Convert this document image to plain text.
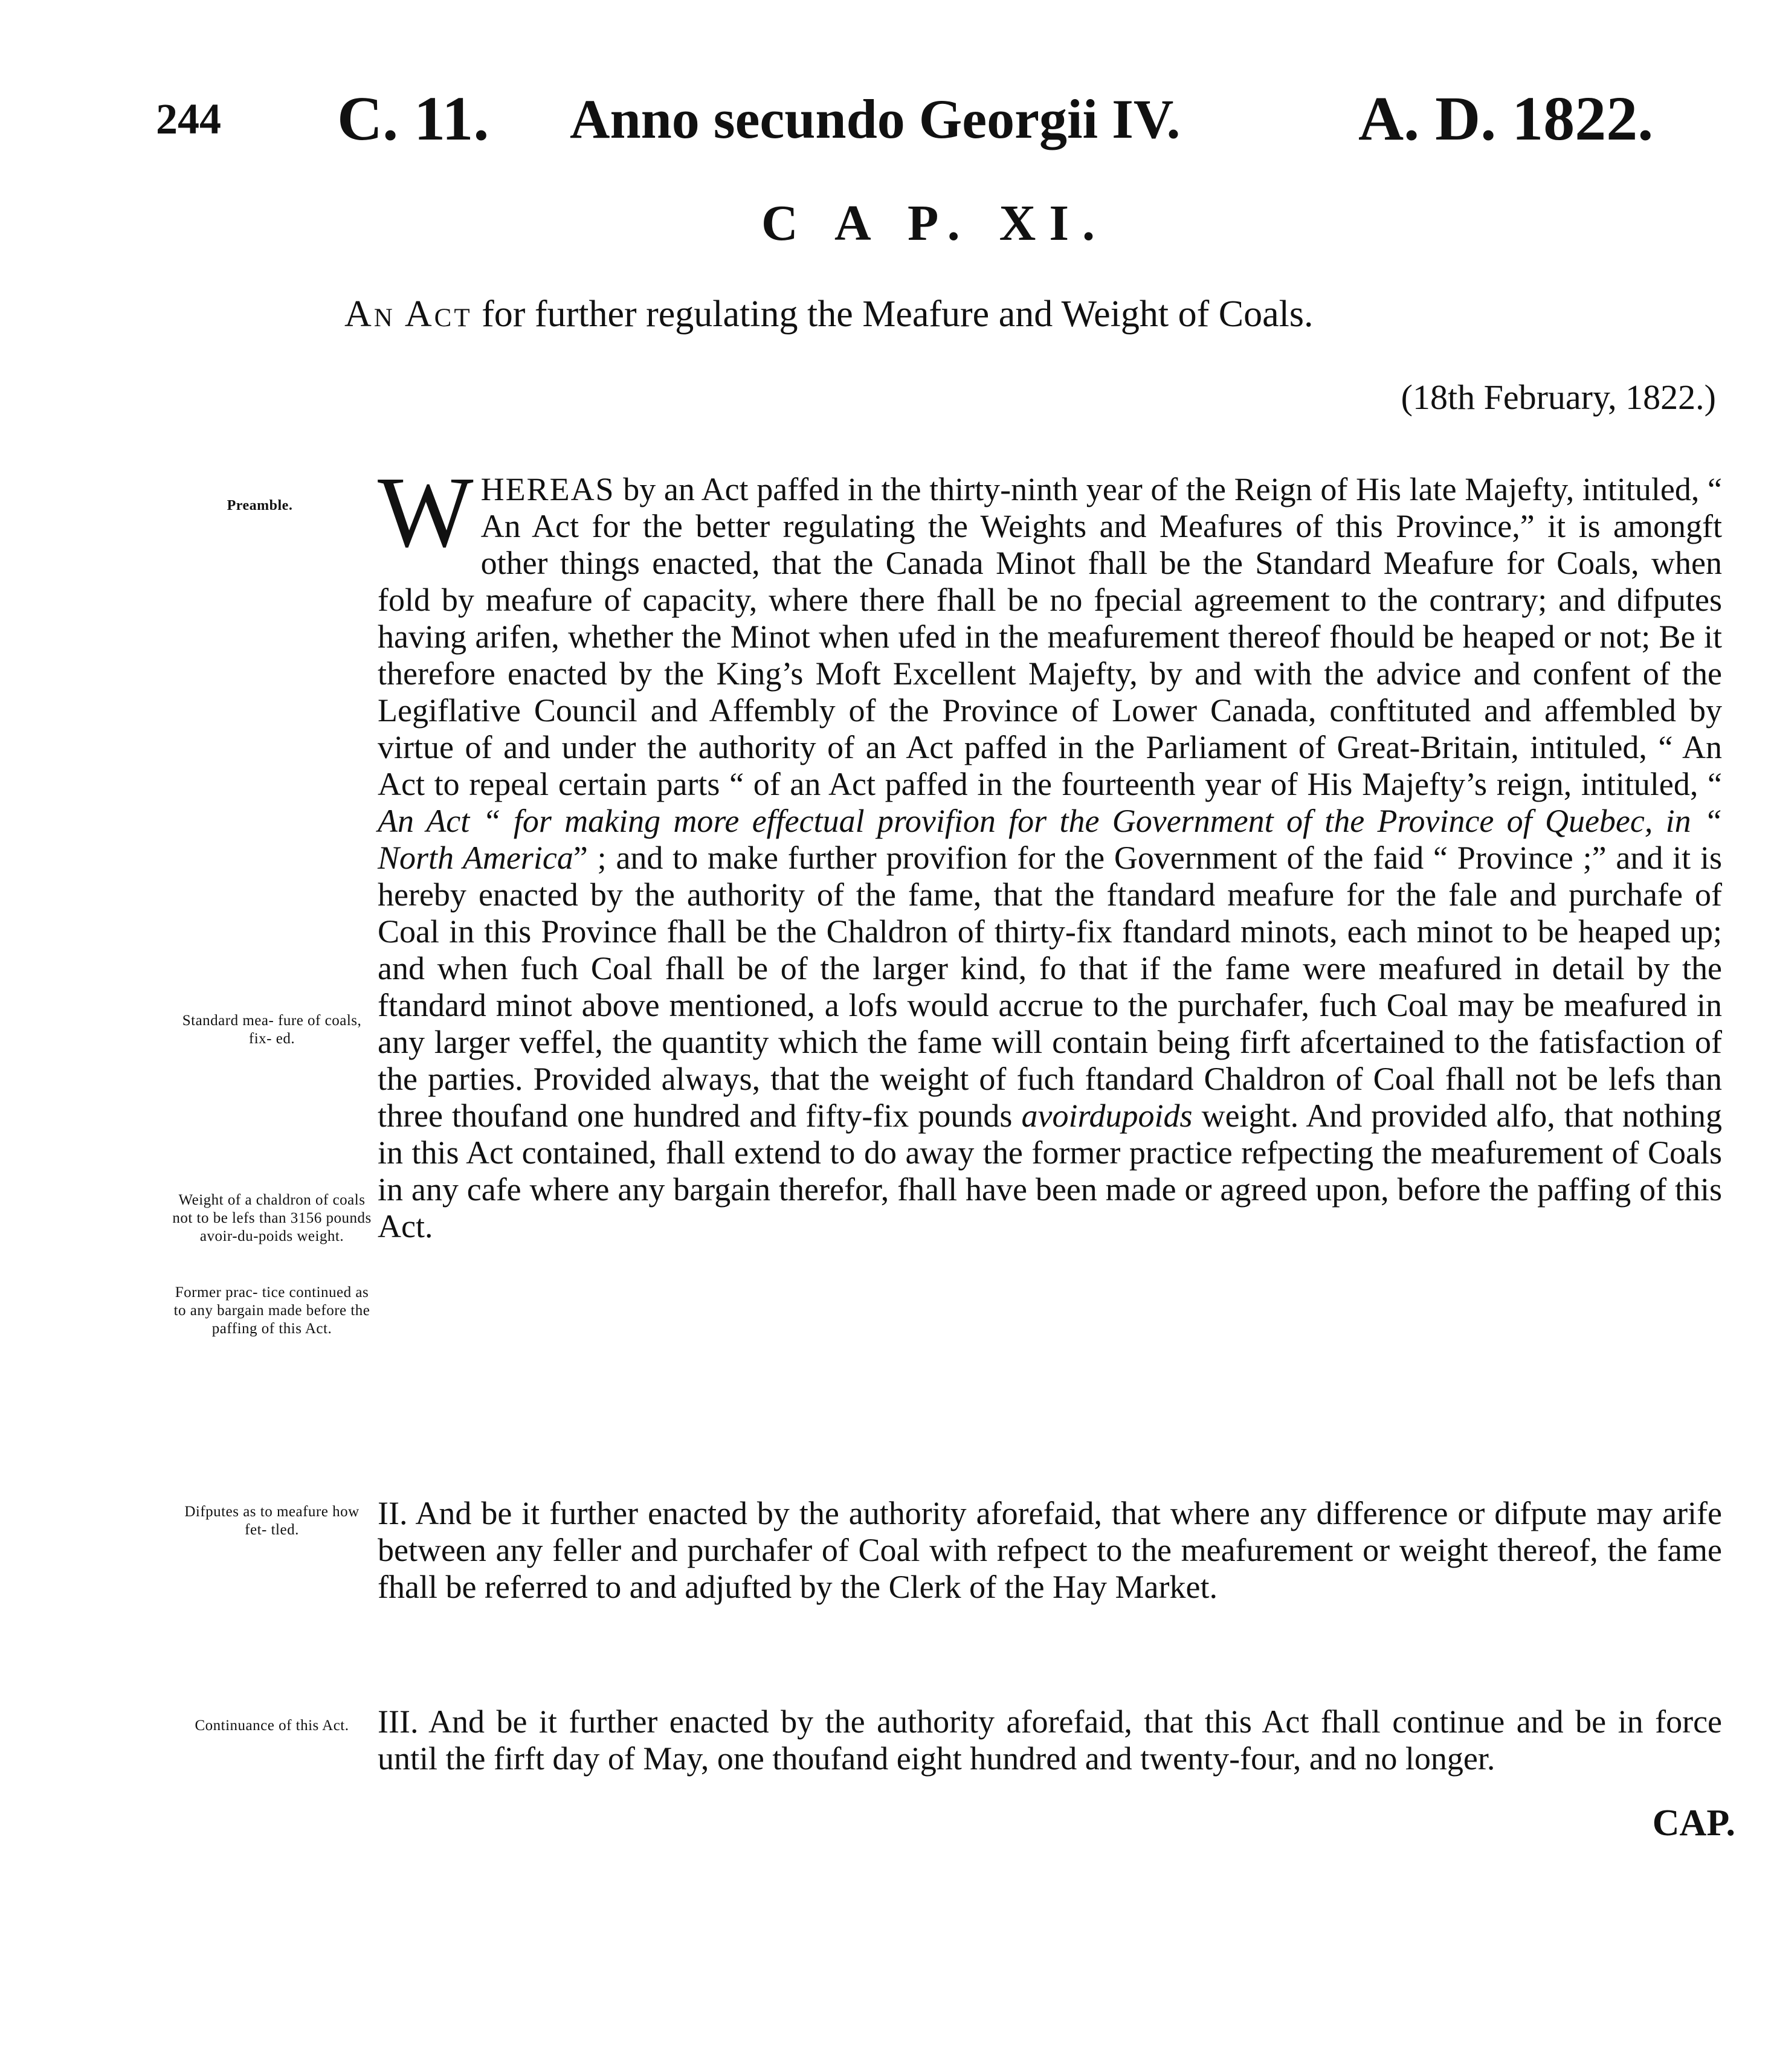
244 C. 11. Anno secundo Georgii IV.	A. D. 1822.
C A P. XI.
An Act for further regulating the Meafure and Weight of Coals.
(18th February, 1822.)
Preamble.
Standard mea- fure of coals, fix- ed.
Weight of a chaldron of coals not to be lefs than 3156 pounds avoir-du-poids weight.
Former prac- tice continued as to any bargain made before the paffing of this Act.
Difputes as to meafure how fet- tled.
Continuance of this Act.

WHEREAS by an Act paffed in the thirty-ninth year of the Reign of His late Majefty, intituled, “ An Act for the better regulating the Weights and Meafures of this Province,” it is amongft other things enacted, that the Canada Minot fhall be the Standard Meafure for Coals, when fold by meafure of capacity, where there fhall be no fpecial agreement to the contrary; and difputes having arifen, whether the Minot when ufed in the meafurement thereof fhould be heaped or not; Be it therefore enacted by the King’s Moft Excellent Majefty, by and with the advice and confent of the Legiflative Council and Affembly of the Province of Lower Canada, conftituted and affembled by virtue of and under the authority of an Act paffed in the Parliament of Great-Britain, intituled, “ An Act to repeal certain parts “ of an Act paffed in the fourteenth year of His Majefty’s reign, intituled, “ An Act “ for making more effectual provifion for the Government of the Province of Quebec, in “ North America” ; and to make further provifion for the Government of the faid “ Province ;” and it is hereby enacted by the authority of the fame, that the ftandard meafure for the fale and purchafe of Coal in this Province fhall be the Chaldron of thirty-fix ftandard minots, each minot to be heaped up; and when fuch Coal fhall be of the larger kind, fo that if the fame were meafured in detail by the ftandard minot above mentioned, a lofs would accrue to the purchafer, fuch Coal may be meafured in any larger veffel, the quantity which the fame will contain being firft afcertained to the fatisfaction of the parties. Provided always, that the weight of fuch ftandard Chaldron of Coal fhall not be lefs than three thoufand one hundred and fifty-fix pounds avoirdupoids weight. And provided alfo, that nothing in this Act contained, fhall extend to do away the former practice refpecting the meafurement of Coals in any cafe where any bargain therefor, fhall have been made or agreed upon, before the paffing of this Act.

II. And be it further enacted by the authority aforefaid, that where any difference or difpute may arife between any feller and purchafer of Coal with refpect to the meafurement or weight thereof, the fame fhall be referred to and adjufted by the Clerk of the Hay Market.

III. And be it further enacted by the authority aforefaid, that this Act fhall continue and be in force until the firft day of May, one thoufand eight hundred and twenty-four, and no longer.

CAP.
